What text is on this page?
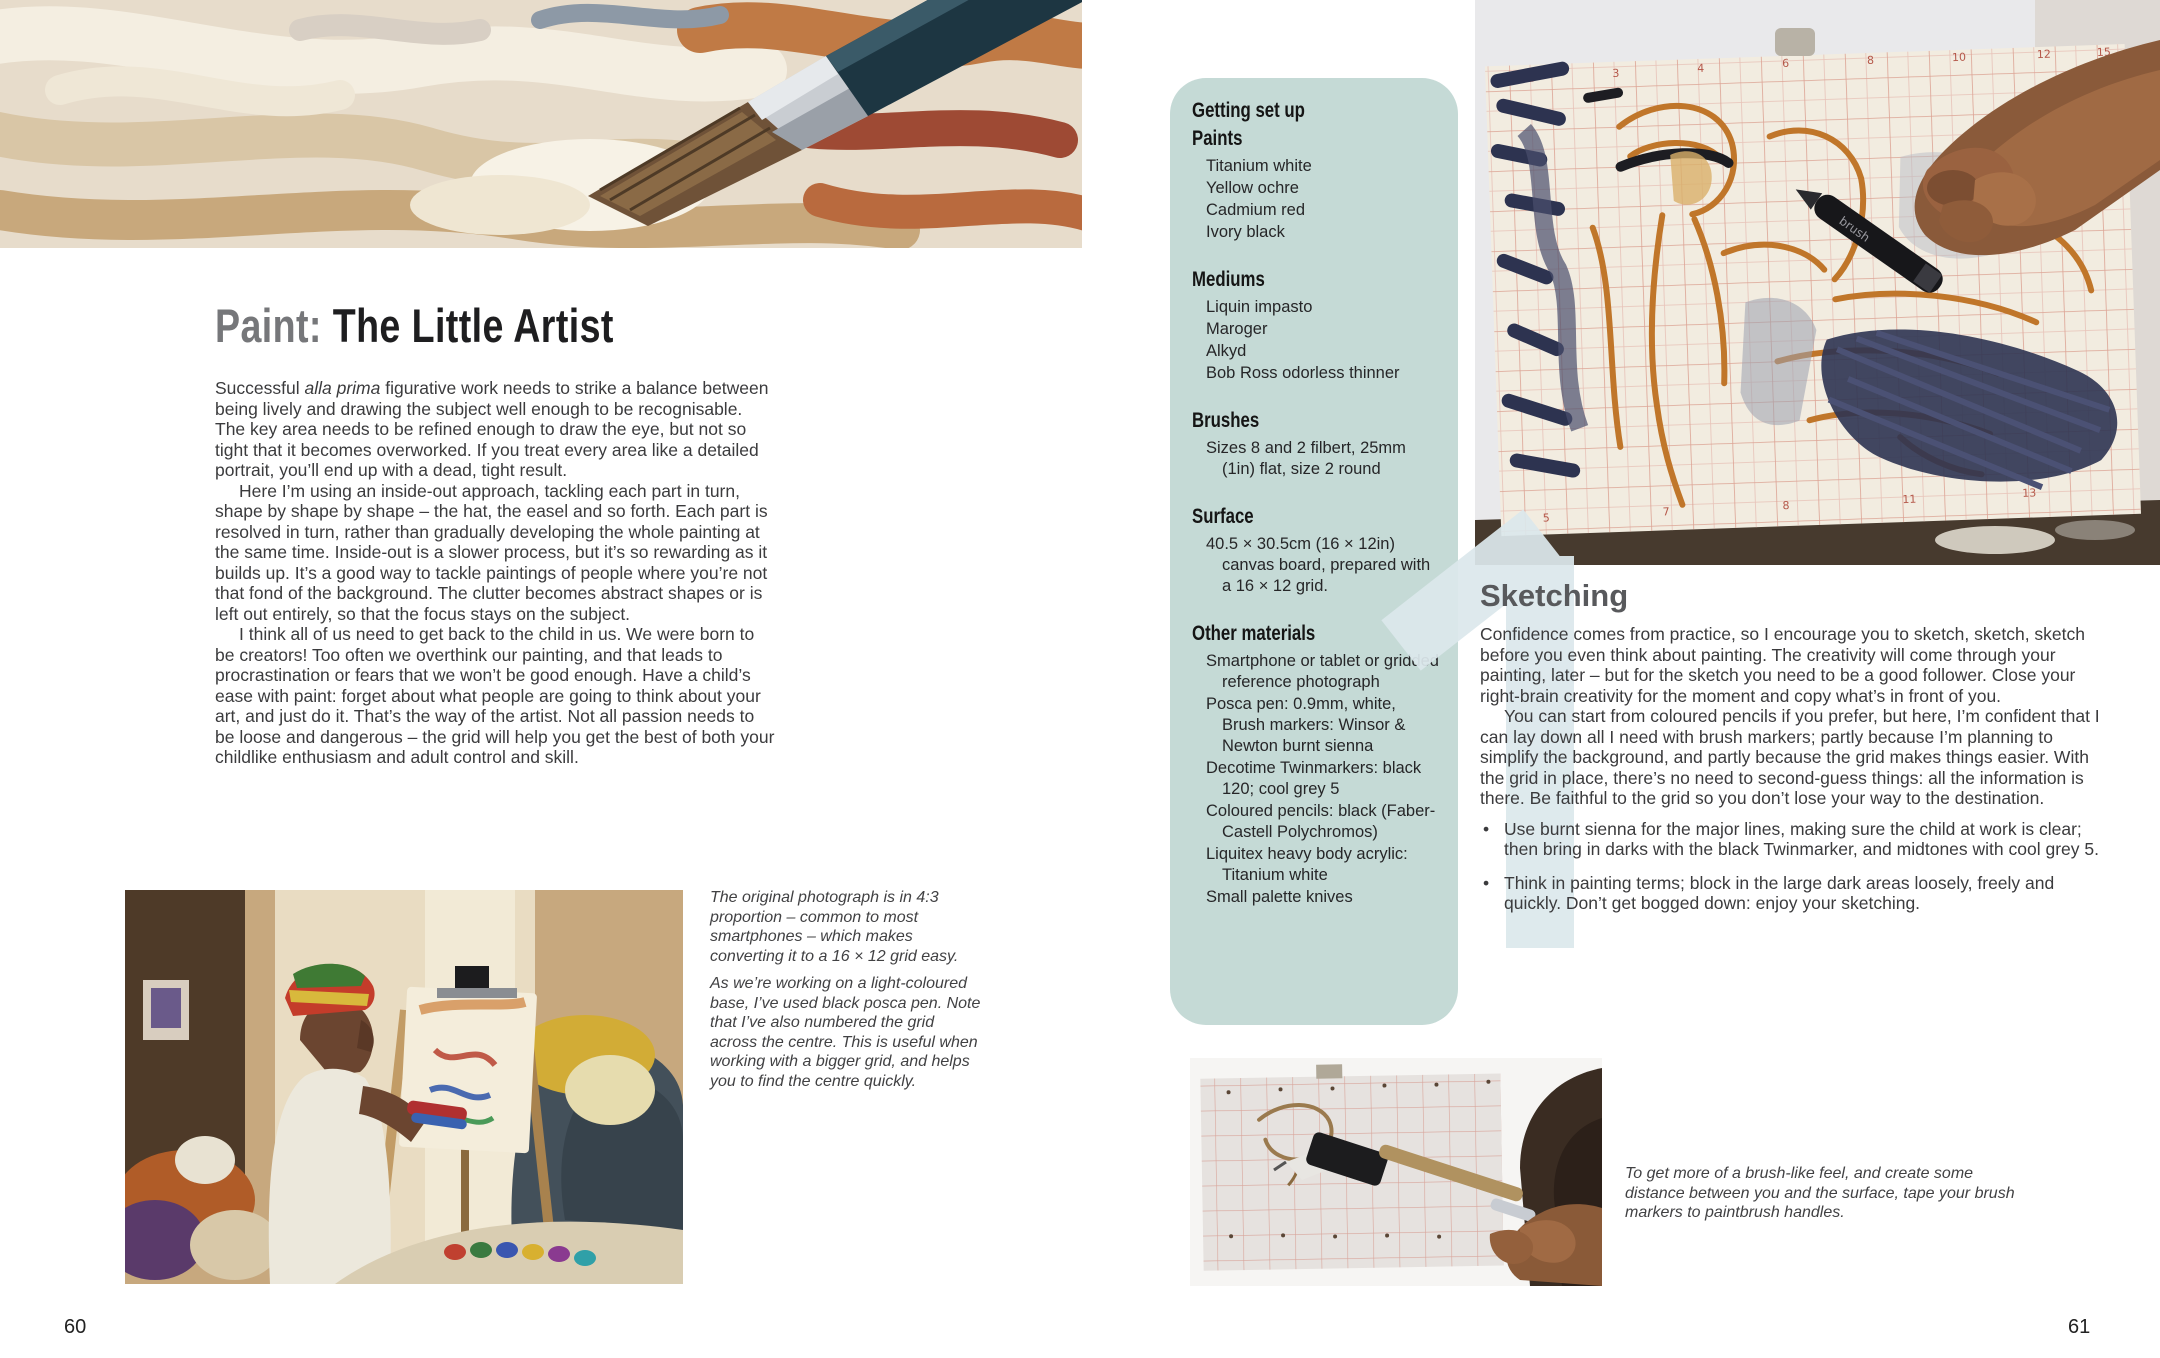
Paint: The Little Artist

Successful alla prima figurative work needs to strike a balance between being lively and drawing the subject well enough to be recognisable. The key area needs to be refined enough to draw the eye, but not so tight that it becomes overworked. If you treat every area like a detailed portrait, you’ll end up with a dead, tight result.

Here I’m using an inside-out approach, tackling each part in turn, shape by shape by shape – the hat, the easel and so forth. Each part is resolved in turn, rather than gradually developing the whole painting at the same time. Inside-out is a slower process, but it’s so rewarding as it builds up. It’s a good way to tackle paintings of people where you’re not that fond of the background. The clutter becomes abstract shapes or is left out entirely, so that the focus stays on the subject.

I think all of us need to get back to the child in us. We were born to be creators! Too often we overthink our painting, and that leads to procrastination or fears that we won’t be good enough. Have a child’s ease with paint: forget about what people are going to think about your art, and just do it. That’s the way of the artist. Not all passion needs to be loose and dangerous – the grid will help you get the best of both your childlike enthusiasm and adult control and skill.

The original photograph is in 4:3 proportion – common to most smartphones – which makes converting it to a 16 × 12 grid easy.

As we’re working on a light-coloured base, I’ve used black posca pen. Note that I’ve also numbered the grid across the centre. This is useful when working with a bigger grid, and helps you to find the centre quickly.

60
Getting set up
Paints
Titanium white
Yellow ochre
Cadmium red
Ivory black
Mediums
Liquin impasto
Maroger
Alkyd
Bob Ross odorless thinner
Brushes
Sizes 8 and 2 filbert, 25mm (1in) flat, size 2 round
Surface
40.5 × 30.5cm (16 × 12in) canvas board, prepared with a 16 × 12 grid.
Other materials
Smartphone or tablet or gridded reference photograph
Posca pen: 0.9mm, white, Brush markers: Winsor & Newton burnt sienna
Decotime Twinmarkers: black 120; cool grey 5
Coloured pencils: black (Faber-Castell Polychromos)
Liquitex heavy body acrylic: Titanium white
Small palette knives
3	4	6	8	10	12	15
5	7	8	11	13
brush
Sketching

Confidence comes from practice, so I encourage you to sketch, sketch, sketch before you even think about painting. The creativity will come through your painting, later – but for the sketch you need to be a good follower. Close your right-brain creativity for the moment and copy what’s in front of you.

You can start from coloured pencils if you prefer, but here, I’m confident that I can lay down all I need with brush markers; partly because I’m planning to simplify the background, and partly because the grid makes things easier. With the grid in place, there’s no need to second-guess things: all the information is there. Be faithful to the grid so you don’t lose your way to the destination.

• Use burnt sienna for the major lines, making sure the child at work is clear; then bring in darks with the black Twinmarker, and midtones with cool grey 5.
• Think in painting terms; block in the large dark areas loosely, freely and quickly. Don’t get bogged down: enjoy your sketching.

To get more of a brush-like feel, and create some distance between you and the surface, tape your brush markers to paintbrush handles.

61
